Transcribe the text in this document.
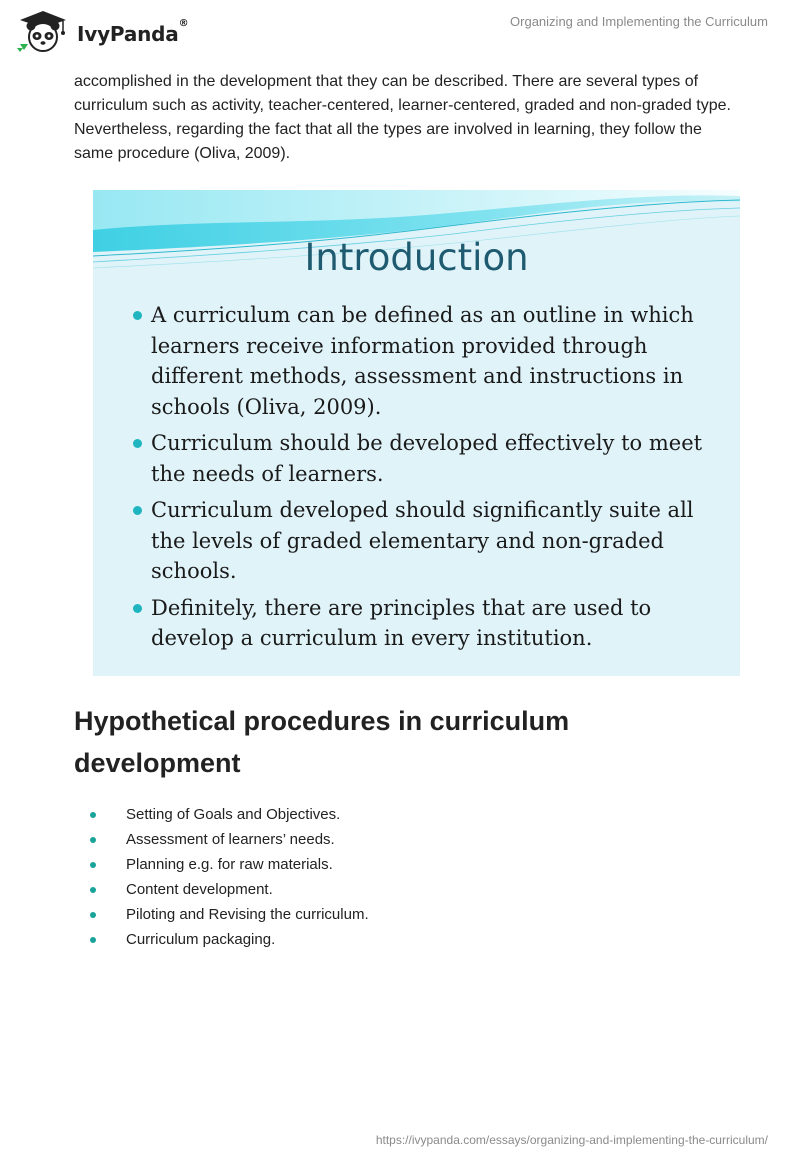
IvyPanda®	Organizing and Implementing the Curriculum

accomplished in the development that they can be described. There are several types of curriculum such as activity, teacher-centered, learner-centered, graded and non-graded type. Nevertheless, regarding the fact that all the types are involved in learning, they follow the same procedure (Oliva, 2009).

Introduction
A curriculum can be defined as an outline in which learners receive information provided through different methods, assessment and instructions in schools (Oliva, 2009).
Curriculum should be developed effectively to meet the needs of learners.
Curriculum developed should significantly suite all the levels of graded elementary and non-graded schools.
Definitely, there are principles that are used to develop a curriculum in every institution.
Hypothetical procedures in curriculum development
Setting of Goals and Objectives.
Assessment of learners’ needs.
Planning e.g. for raw materials.
Content development.
Piloting and Revising the curriculum.
Curriculum packaging.
https://ivypanda.com/essays/organizing-and-implementing-the-curriculum/
